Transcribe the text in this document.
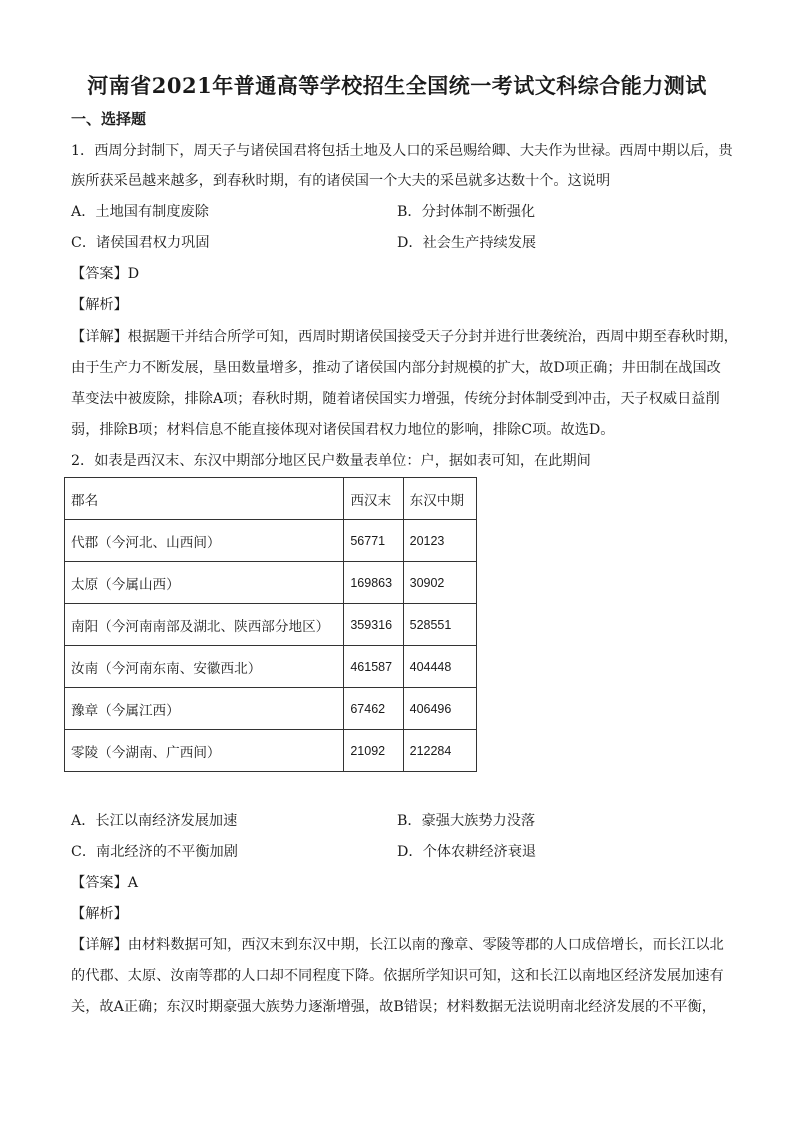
河南省2021年普通高等学校招生全国统一考试文科综合能力测试
一、选择题
1．西周分封制下，周天子与诸侯国君将包括土地及人口的采邑赐给卿、大夫作为世禄。西周中期以后，贵
族所获采邑越来越多，到春秋时期，有的诸侯国一个大夫的采邑就多达数十个。这说明
A．土地国有制度废除	B．分封体制不断强化
C．诸侯国君权力巩固	D．社会生产持续发展
【答案】D
【解析】
【详解】根据题干并结合所学可知，西周时期诸侯国接受天子分封并进行世袭统治，西周中期至春秋时期，
由于生产力不断发展，垦田数量增多，推动了诸侯国内部分封规模的扩大，故D项正确；井田制在战国改
革变法中被废除，排除A项；春秋时期，随着诸侯国实力增强，传统分封体制受到冲击，天子权威日益削
弱，排除B项；材料信息不能直接体现对诸侯国君权力地位的影响，排除C项。故选D。
2．如表是西汉末、东汉中期部分地区民户数量表单位：户，据如表可知，在此期间
郡名	西汉末	东汉中期
代郡（今河北、山西间）	56771	20123
太原（今属山西）	169863	30902
南阳（今河南南部及湖北、陕西部分地区）	359316	528551
汝南（今河南东南、安徽西北）	461587	404448
豫章（今属江西）	67462	406496
零陵（今湖南、广西间）	21092	212284
A．长江以南经济发展加速	B．豪强大族势力没落
C．南北经济的不平衡加剧	D．个体农耕经济衰退
【答案】A
【解析】
【详解】由材料数据可知，西汉末到东汉中期，长江以南的豫章、零陵等郡的人口成倍增长，而长江以北
的代郡、太原、汝南等郡的人口却不同程度下降。依据所学知识可知，这和长江以南地区经济发展加速有
关，故A正确；东汉时期豪强大族势力逐渐增强，故B错误；材料数据无法说明南北经济发展的不平衡，
